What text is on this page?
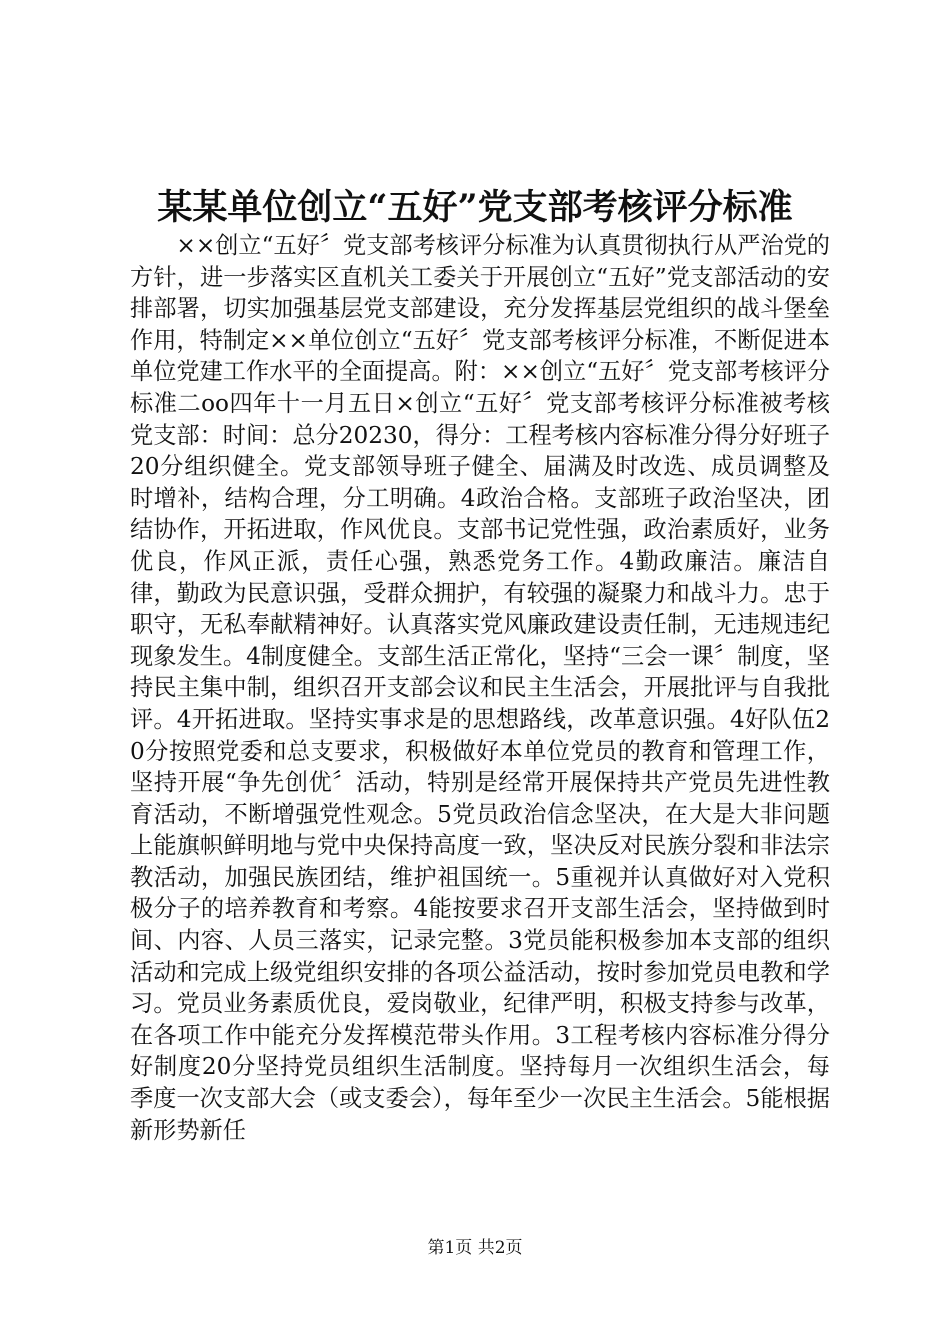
某某单位创立“五好”党支部考核评分标准

××创立“五好〞党支部考核评分标准为认真贯彻执行从严治党的方针，进一步落实区直机关工委关于开展创立“五好”党支部活动的安排部署，切实加强基层党支部建设，充分发挥基层党组织的战斗堡垒作用，特制定××单位创立“五好〞党支部考核评分标准，不断促进本单位党建工作水平的全面提高。附：××创立“五好〞党支部考核评分标准二oo四年十一月五日×创立“五好〞党支部考核评分标准被考核党支部：时间：总分20230，得分：工程考核内容标准分得分好班子20分组织健全。党支部领导班子健全、届满及时改选、成员调整及时增补，结构合理，分工明确。4政治合格。支部班子政治坚决，团结协作，开拓进取，作风优良。支部书记党性强，政治素质好，业务优良，作风正派，责任心强，熟悉党务工作。4勤政廉洁。廉洁自律，勤政为民意识强，受群众拥护，有较强的凝聚力和战斗力。忠于职守，无私奉献精神好。认真落实党风廉政建设责任制，无违规违纪现象发生。4制度健全。支部生活正常化，坚持“三会一课〞制度，坚持民主集中制，组织召开支部会议和民主生活会，开展批评与自我批评。4开拓进取。坚持实事求是的思想路线，改革意识强。4好队伍20分按照党委和总支要求，积极做好本单位党员的教育和管理工作，坚持开展“争先创优〞活动，特别是经常开展保持共产党员先进性教育活动，不断增强党性观念。5党员政治信念坚决，在大是大非问题上能旗帜鲜明地与党中央保持高度一致，坚决反对民族分裂和非法宗教活动，加强民族团结，维护祖国统一。5重视并认真做好对入党积极分子的培养教育和考察。4能按要求召开支部生活会，坚持做到时间、内容、人员三落实，记录完整。3党员能积极参加本支部的组织活动和完成上级党组织安排的各项公益活动，按时参加党员电教和学习。党员业务素质优良，爱岗敬业，纪律严明，积极支持参与改革，在各项工作中能充分发挥模范带头作用。3工程考核内容标准分得分好制度20分坚持党员组织生活制度。坚持每月一次组织生活会，每季度一次支部大会（或支委会），每年至少一次民主生活会。5能根据新形势新任

第1页 共2页
